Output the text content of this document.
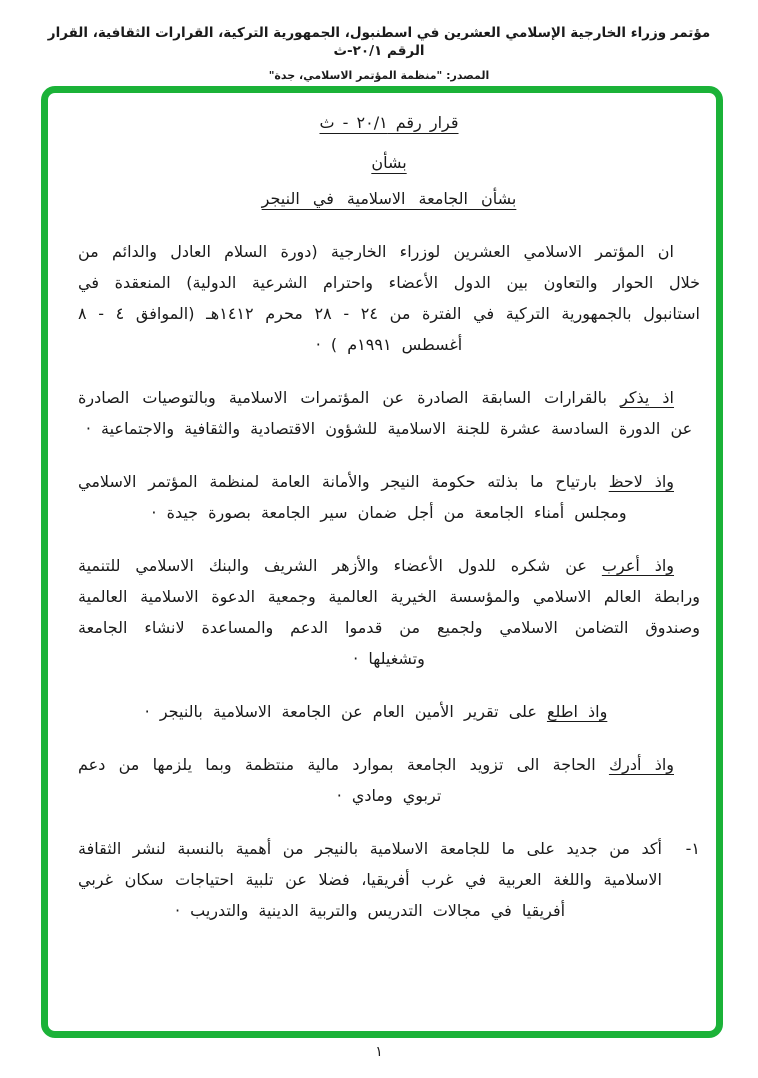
مؤتمر وزراء الخارجية الإسلامي العشرين في اسطنبول، الجمهورية التركية، القرارات الثقافية، القرار الرقم ٢٠/١-ث
المصدر: "منظمة المؤتمر الاسلامي، جدة"
قرار رقم ٢٠/١ - ث
بشأن
بشأن الجامعة الاسلامية في النيجر

ان المؤتمر الاسلامي العشرين لوزراء الخارجية (دورة السلام العادل والدائم من خلال الحوار والتعاون بين الدول الأعضاء واحترام الشرعية الدولية) المنعقدة في استانبول بالجمهورية التركية في الفترة من ٢٤ - ٢٨ محرم ١٤١٢هـ (الموافق ٤ - ٨ أغسطس ١٩٩١م ) ·

اذ يذكر بالقرارات السابقة الصادرة عن المؤتمرات الاسلامية وبالتوصيات الصادرة عن الدورة السادسة عشرة للجنة الاسلامية للشؤون الاقتصادية والثقافية والاجتماعية ·

واذ لاحظ بارتياح ما بذلته حكومة النيجر والأمانة العامة لمنظمة المؤتمر الاسلامي ومجلس أمناء الجامعة من أجل ضمان سير الجامعة بصورة جيدة ·

واذ أعرب عن شكره للدول الأعضاء والأزهر الشريف والبنك الاسلامي للتنمية ورابطة العالم الاسلامي والمؤسسة الخيرية العالمية وجمعية الدعوة الاسلامية العالمية وصندوق التضامن الاسلامي ولجميع من قدموا الدعم والمساعدة لانشاء الجامعة وتشغيلها ·

واذ اطلع على تقرير الأمين العام عن الجامعة الاسلامية بالنيجر ·

واذ أدرك الحاجة الى تزويد الجامعة بموارد مالية منتظمة وبما يلزمها من دعم تربوي ومادي ·

١-
أكد من جديد على ما للجامعة الاسلامية بالنيجر من أهمية بالنسبة لنشر الثقافة الاسلامية واللغة العربية في غرب أفريقيا، فضلا عن تلبية احتياجات سكان غربي أفريقيا في مجالات التدريس والتربية الدينية والتدريب ·
١
